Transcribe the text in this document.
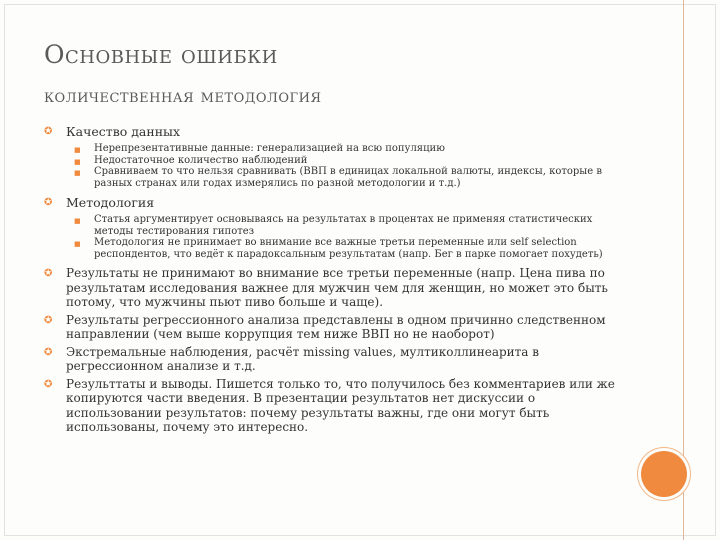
Основные ошибки
количественная методология
✪ Качество данных
■ Нерепрезентативные данные: генерализацией на всю популяцию
■ Недостаточное количество наблюдений
■ Сравниваем то что нельзя сравнивать (ВВП в единицах локальной валюты, индексы, которые в разных странах или годах измерялись по разной методологии и т.д.)
✪ Методология
■ Статья аргументирует основываясь на результатах в процентах не применяя статистических методы тестирования гипотез
■ Методология не принимает во внимание все важные третьи переменные или self selection респондентов, что ведёт к парадоксальным результатам (напр. Бег в парке помогает похудеть)
✪ Результаты не принимают во внимание все третьи переменные (напр. Цена пива по результатам исследования важнее для мужчин чем для женщин, но может это быть потому, что мужчины пьют пиво больше и чаще).
✪ Результаты регрессионного анализа представлены в одном причинно следственном направлении (чем выше коррупция тем ниже ВВП но не наоборот)
✪ Экстремальные наблюдения, расчёт missing values, мултиколлинеарита в регрессионном анализе и т.д.
✪ Результтаты и выводы. Пишется только то, что получилось без комментариев или же копируются части введения. В презентации результатов нет дискуссии о использовании результатов: почему результаты важны, где они могут быть использованы, почему это интересно.
